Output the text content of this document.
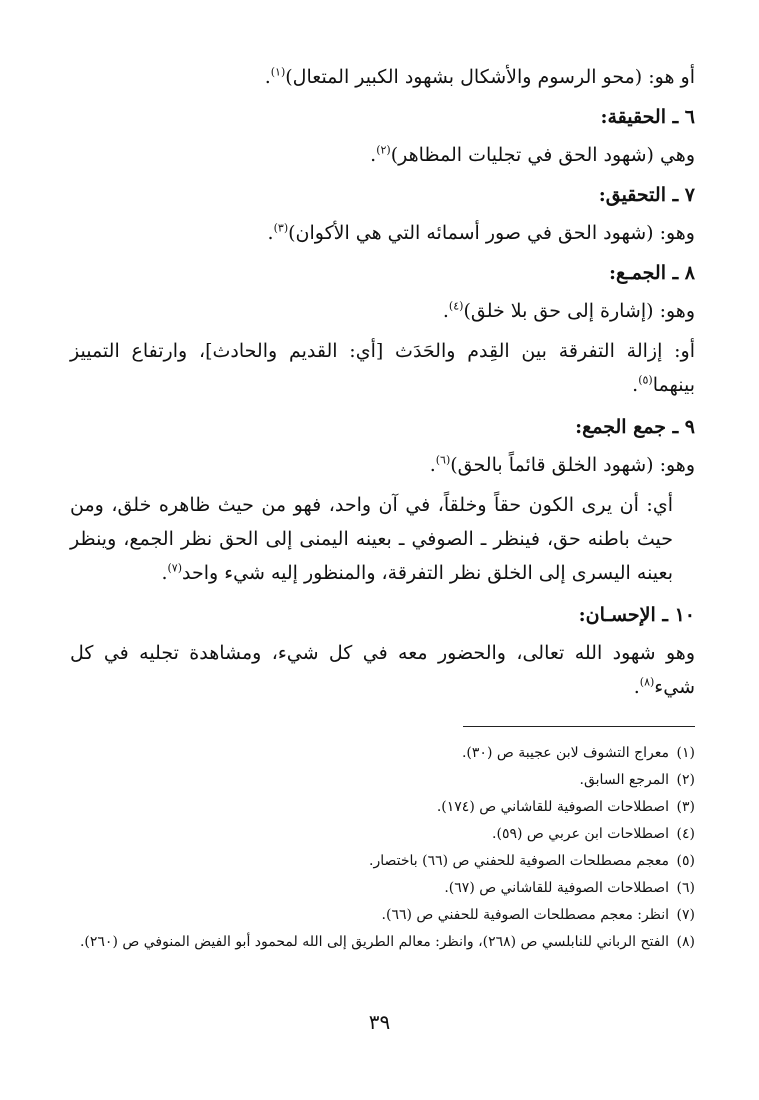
أو هو: (محو الرسوم والأشكال بشهود الكبير المتعال)$^{(١)}$.

٦ ـ الحقيقة:

وهي (شهود الحق في تجليات المظاهر)$^{(٢)}$.

٧ ـ التحقيق:

وهو: (شهود الحق في صور أسمائه التي هي الأكوان)$^{(٣)}$.

٨ ـ الجمـع:

وهو: (إشارة إلى حق بلا خلق)$^{(٤)}$.

أو: إزالة التفرقة بين القِدم والحَدَث [أي: القديم والحادث]، وارتفاع التمييز بينهما$^{(٥)}$.

٩ ـ جمع الجمع:

وهو: (شهود الخلق قائماً بالحق)$^{(٦)}$.

أي: أن يرى الكون حقاً وخلقاً، في آن واحد، فهو من حيث ظاهره خلق، ومن حيث باطنه حق، فينظر ـ الصوفي ـ بعينه اليمنى إلى الحق نظر الجمع، وينظر بعينه اليسرى إلى الخلق نظر التفرقة، والمنظور إليه شيء واحد$^{(٧)}$.

١٠ ـ الإحسـان:

وهو شهود الله تعالى، والحضور معه في كل شيء، ومشاهدة تجليه في كل شيء$^{(٨)}$.

(١)
معراج التشوف لابن عجيبة ص (٣٠).
(٢)
المرجع السابق.
(٣)
اصطلاحات الصوفية للقاشاني ص (١٧٤).
(٤)
اصطلاحات ابن عربي ص (٥٩).
(٥)
معجم مصطلحات الصوفية للحفني ص (٦٦) باختصار.
(٦)
اصطلاحات الصوفية للقاشاني ص (٦٧).
(٧)
انظر: معجم مصطلحات الصوفية للحفني ص (٦٦).
(٨)
الفتح الرباني للنابلسي ص (٢٦٨)، وانظر: معالم الطريق إلى الله لمحمود أبو الفيض المنوفي ص (٢٦٠).
٣٩
